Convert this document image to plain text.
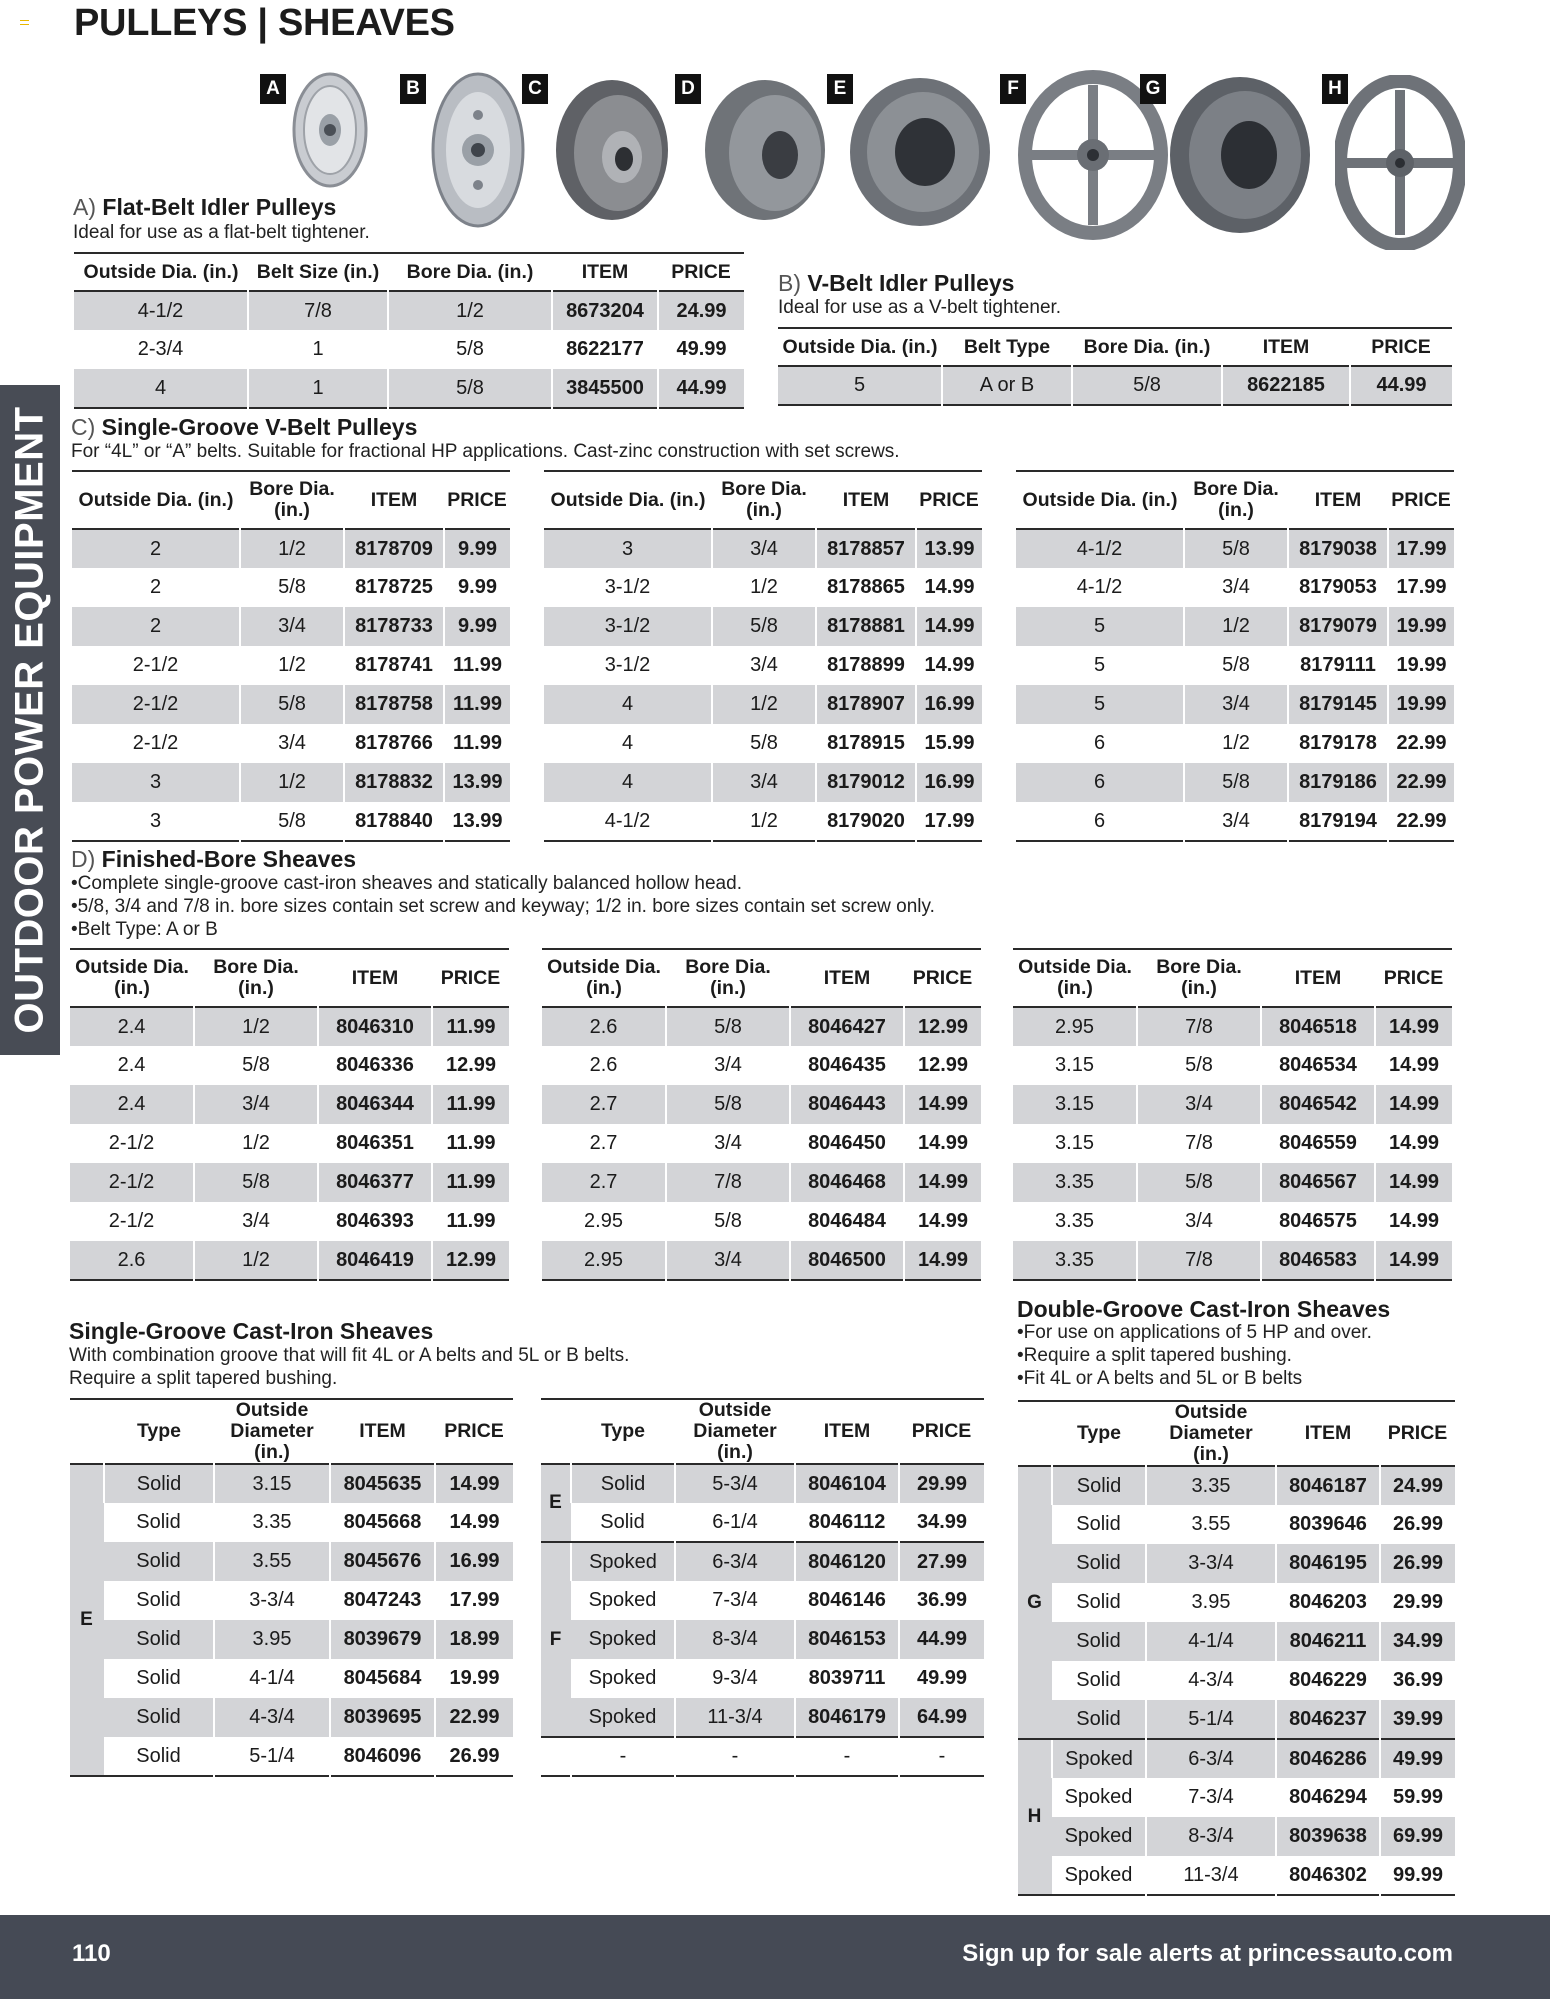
PULLEYS | SHEAVES
OUTDOOR POWER EQUIPMENT
A	B	C	D	E	F	G	H
A) Flat-Belt Idler Pulleys
Ideal for use as a flat-belt tightener.
Outside Dia. (in.)	Belt Size (in.)	Bore Dia. (in.)	ITEM	PRICE
4-1/2	7/8	1/2	8673204	24.99
2-3/4	1	5/8	8622177	49.99
4	1	5/8	3845500	44.99
B) V-Belt Idler Pulleys
Ideal for use as a V-belt tightener.
Outside Dia. (in.)	Belt Type	Bore Dia. (in.)	ITEM	PRICE
5	A or B	5/8	8622185	44.99
C) Single-Groove V-Belt Pulleys
For “4L” or “A” belts. Suitable for fractional HP applications. Cast-zinc construction with set screws.
Outside Dia. (in.)	Bore Dia. (in.)	ITEM	PRICE
2	1/2	8178709	9.99
2	5/8	8178725	9.99
2	3/4	8178733	9.99
2-1/2	1/2	8178741	11.99
2-1/2	5/8	8178758	11.99
2-1/2	3/4	8178766	11.99
3	1/2	8178832	13.99
3	5/8	8178840	13.99
Outside Dia. (in.)	Bore Dia. (in.)	ITEM	PRICE
3	3/4	8178857	13.99
3-1/2	1/2	8178865	14.99
3-1/2	5/8	8178881	14.99
3-1/2	3/4	8178899	14.99
4	1/2	8178907	16.99
4	5/8	8178915	15.99
4	3/4	8179012	16.99
4-1/2	1/2	8179020	17.99
Outside Dia. (in.)	Bore Dia. (in.)	ITEM	PRICE
4-1/2	5/8	8179038	17.99
4-1/2	3/4	8179053	17.99
5	1/2	8179079	19.99
5	5/8	8179111	19.99
5	3/4	8179145	19.99
6	1/2	8179178	22.99
6	5/8	8179186	22.99
6	3/4	8179194	22.99
D) Finished-Bore Sheaves
•Complete single-groove cast-iron sheaves and statically balanced hollow head.
•5/8, 3/4 and 7/8 in. bore sizes contain set screw and keyway; 1/2 in. bore sizes contain set screw only.
•Belt Type: A or B
Outside Dia. (in.)	Bore Dia. (in.)	ITEM	PRICE
2.4	1/2	8046310	11.99
2.4	5/8	8046336	12.99
2.4	3/4	8046344	11.99
2-1/2	1/2	8046351	11.99
2-1/2	5/8	8046377	11.99
2-1/2	3/4	8046393	11.99
2.6	1/2	8046419	12.99
Outside Dia. (in.)	Bore Dia. (in.)	ITEM	PRICE
2.6	5/8	8046427	12.99
2.6	3/4	8046435	12.99
2.7	5/8	8046443	14.99
2.7	3/4	8046450	14.99
2.7	7/8	8046468	14.99
2.95	5/8	8046484	14.99
2.95	3/4	8046500	14.99
Outside Dia. (in.)	Bore Dia. (in.)	ITEM	PRICE
2.95	7/8	8046518	14.99
3.15	5/8	8046534	14.99
3.15	3/4	8046542	14.99
3.15	7/8	8046559	14.99
3.35	5/8	8046567	14.99
3.35	3/4	8046575	14.99
3.35	7/8	8046583	14.99
Single-Groove Cast-Iron Sheaves
With combination groove that will fit 4L or A belts and 5L or B belts.
Require a split tapered bushing.
	Type	Outside Diameter (in.)	ITEM	PRICE
E	Solid	3.15	8045635	14.99
	Solid	3.35	8045668	14.99
	Solid	3.55	8045676	16.99
	Solid	3-3/4	8047243	17.99
	Solid	3.95	8039679	18.99
	Solid	4-1/4	8045684	19.99
	Solid	4-3/4	8039695	22.99
	Solid	5-1/4	8046096	26.99
	Type	Outside Diameter (in.)	ITEM	PRICE
E	Solid	5-3/4	8046104	29.99
	Solid	6-1/4	8046112	34.99
F	Spoked	6-3/4	8046120	27.99
	Spoked	7-3/4	8046146	36.99
	Spoked	8-3/4	8046153	44.99
	Spoked	9-3/4	8039711	49.99
	Spoked	11-3/4	8046179	64.99
	-	-	-	-
Double-Groove Cast-Iron Sheaves
•For use on applications of 5 HP and over.
•Require a split tapered bushing.
•Fit 4L or A belts and 5L or B belts
	Type	Outside Diameter (in.)	ITEM	PRICE
G	Solid	3.35	8046187	24.99
	Solid	3.55	8039646	26.99
	Solid	3-3/4	8046195	26.99
	Solid	3.95	8046203	29.99
	Solid	4-1/4	8046211	34.99
	Solid	4-3/4	8046229	36.99
	Solid	5-1/4	8046237	39.99
H	Spoked	6-3/4	8046286	49.99
	Spoked	7-3/4	8046294	59.99
	Spoked	8-3/4	8039638	69.99
	Spoked	11-3/4	8046302	99.99
110	Sign up for sale alerts at princessauto.com
